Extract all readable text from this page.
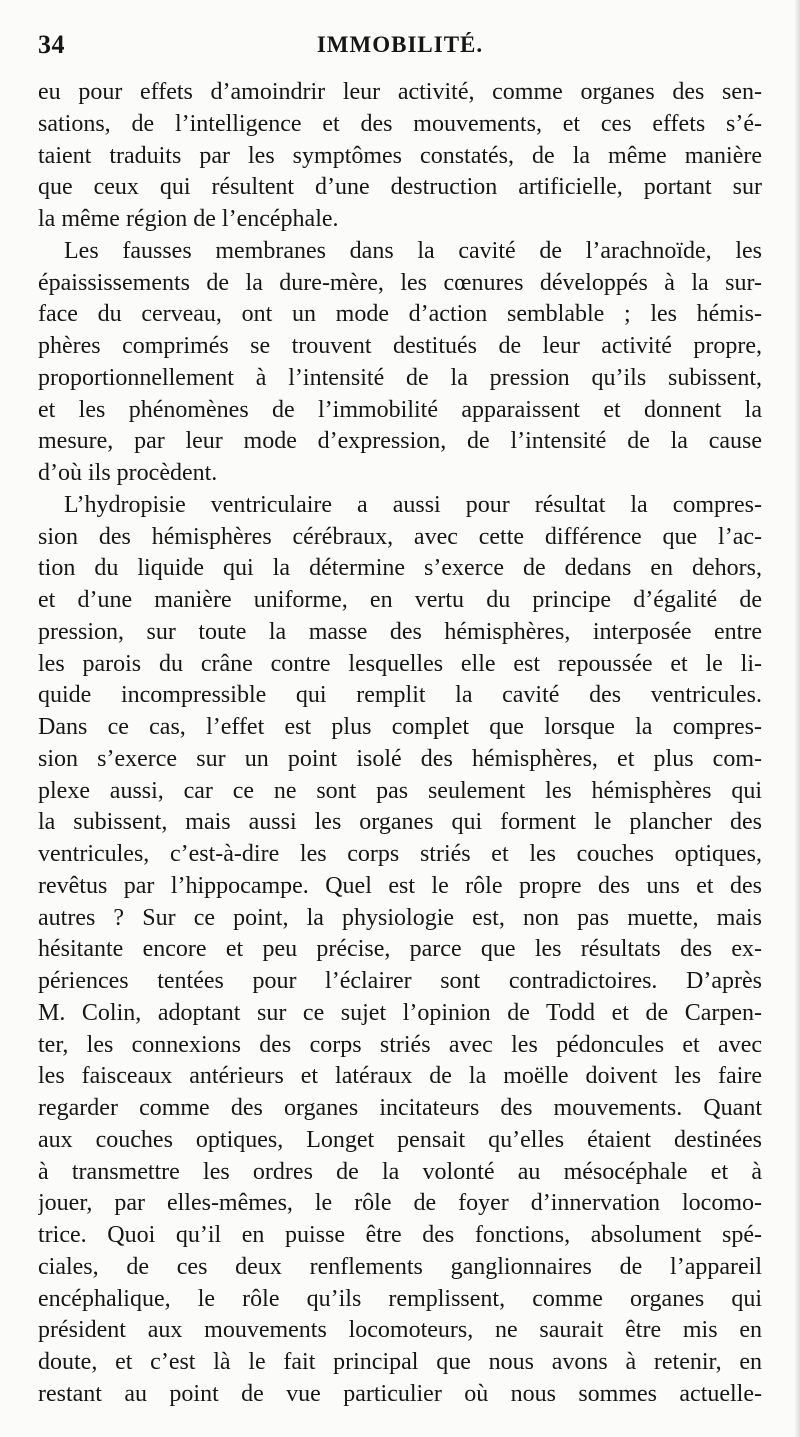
34	IMMOBILITÉ.
eu pour effets d’amoindrir leur activité, comme organes des sen-
sations, de l’intelligence et des mouvements, et ces effets s’é-
taient traduits par les symptômes constatés, de la même manière
que ceux qui résultent d’une destruction artificielle, portant sur
la même région de l’encéphale.
Les fausses membranes dans la cavité de l’arachnoïde, les
épaississements de la dure-mère, les cœnures développés à la sur-
face du cerveau, ont un mode d’action semblable ; les hémis-
phères comprimés se trouvent destitués de leur activité propre,
proportionnellement à l’intensité de la pression qu’ils subissent,
et les phénomènes de l’immobilité apparaissent et donnent la
mesure, par leur mode d’expression, de l’intensité de la cause
d’où ils procèdent.
L’hydropisie ventriculaire a aussi pour résultat la compres-
sion des hémisphères cérébraux, avec cette différence que l’ac-
tion du liquide qui la détermine s’exerce de dedans en dehors,
et d’une manière uniforme, en vertu du principe d’égalité de
pression, sur toute la masse des hémisphères, interposée entre
les parois du crâne contre lesquelles elle est repoussée et le li-
quide incompressible qui remplit la cavité des ventricules.
Dans ce cas, l’effet est plus complet que lorsque la compres-
sion s’exerce sur un point isolé des hémisphères, et plus com-
plexe aussi, car ce ne sont pas seulement les hémisphères qui
la subissent, mais aussi les organes qui forment le plancher des
ventricules, c’est-à-dire les corps striés et les couches optiques,
revêtus par l’hippocampe. Quel est le rôle propre des uns et des
autres ? Sur ce point, la physiologie est, non pas muette, mais
hésitante encore et peu précise, parce que les résultats des ex-
périences tentées pour l’éclairer sont contradictoires. D’après
M. Colin, adoptant sur ce sujet l’opinion de Todd et de Carpen-
ter, les connexions des corps striés avec les pédoncules et avec
les faisceaux antérieurs et latéraux de la moëlle doivent les faire
regarder comme des organes incitateurs des mouvements. Quant
aux couches optiques, Longet pensait qu’elles étaient destinées
à transmettre les ordres de la volonté au mésocéphale et à
jouer, par elles-mêmes, le rôle de foyer d’innervation locomo-
trice. Quoi qu’il en puisse être des fonctions, absolument spé-
ciales, de ces deux renflements ganglionnaires de l’appareil
encéphalique, le rôle qu’ils remplissent, comme organes qui
président aux mouvements locomoteurs, ne saurait être mis en
doute, et c’est là le fait principal que nous avons à retenir, en
restant au point de vue particulier où nous sommes actuelle-
